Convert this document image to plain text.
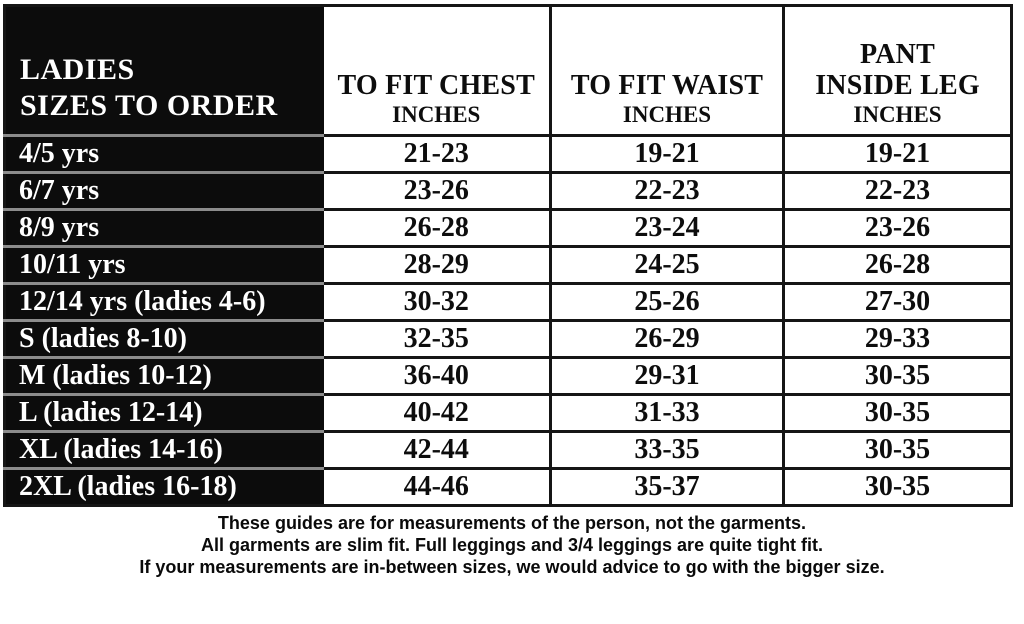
LADIES
SIZES TO ORDER

TO FIT CHEST
INCHES

TO FIT WAIST
INCHES

PANT
INSIDE LEG
INCHES

4/5 yrs	21-23	19-21	19-21
6/7 yrs	23-26	22-23	22-23
8/9 yrs	26-28	23-24	23-26
10/11 yrs	28-29	24-25	26-28
12/14 yrs (ladies 4-6)	30-32	25-26	27-30
S (ladies 8-10)	32-35	26-29	29-33
M (ladies 10-12)	36-40	29-31	30-35
L (ladies 12-14)	40-42	31-33	30-35
XL (ladies 14-16)	42-44	33-35	30-35
2XL (ladies 16-18)	44-46	35-37	30-35
These guides are for measurements of the person, not the garments.
All garments are slim fit. Full leggings and 3/4 leggings are quite tight fit.
If your measurements are in-between sizes, we would advice to go with the bigger size.
